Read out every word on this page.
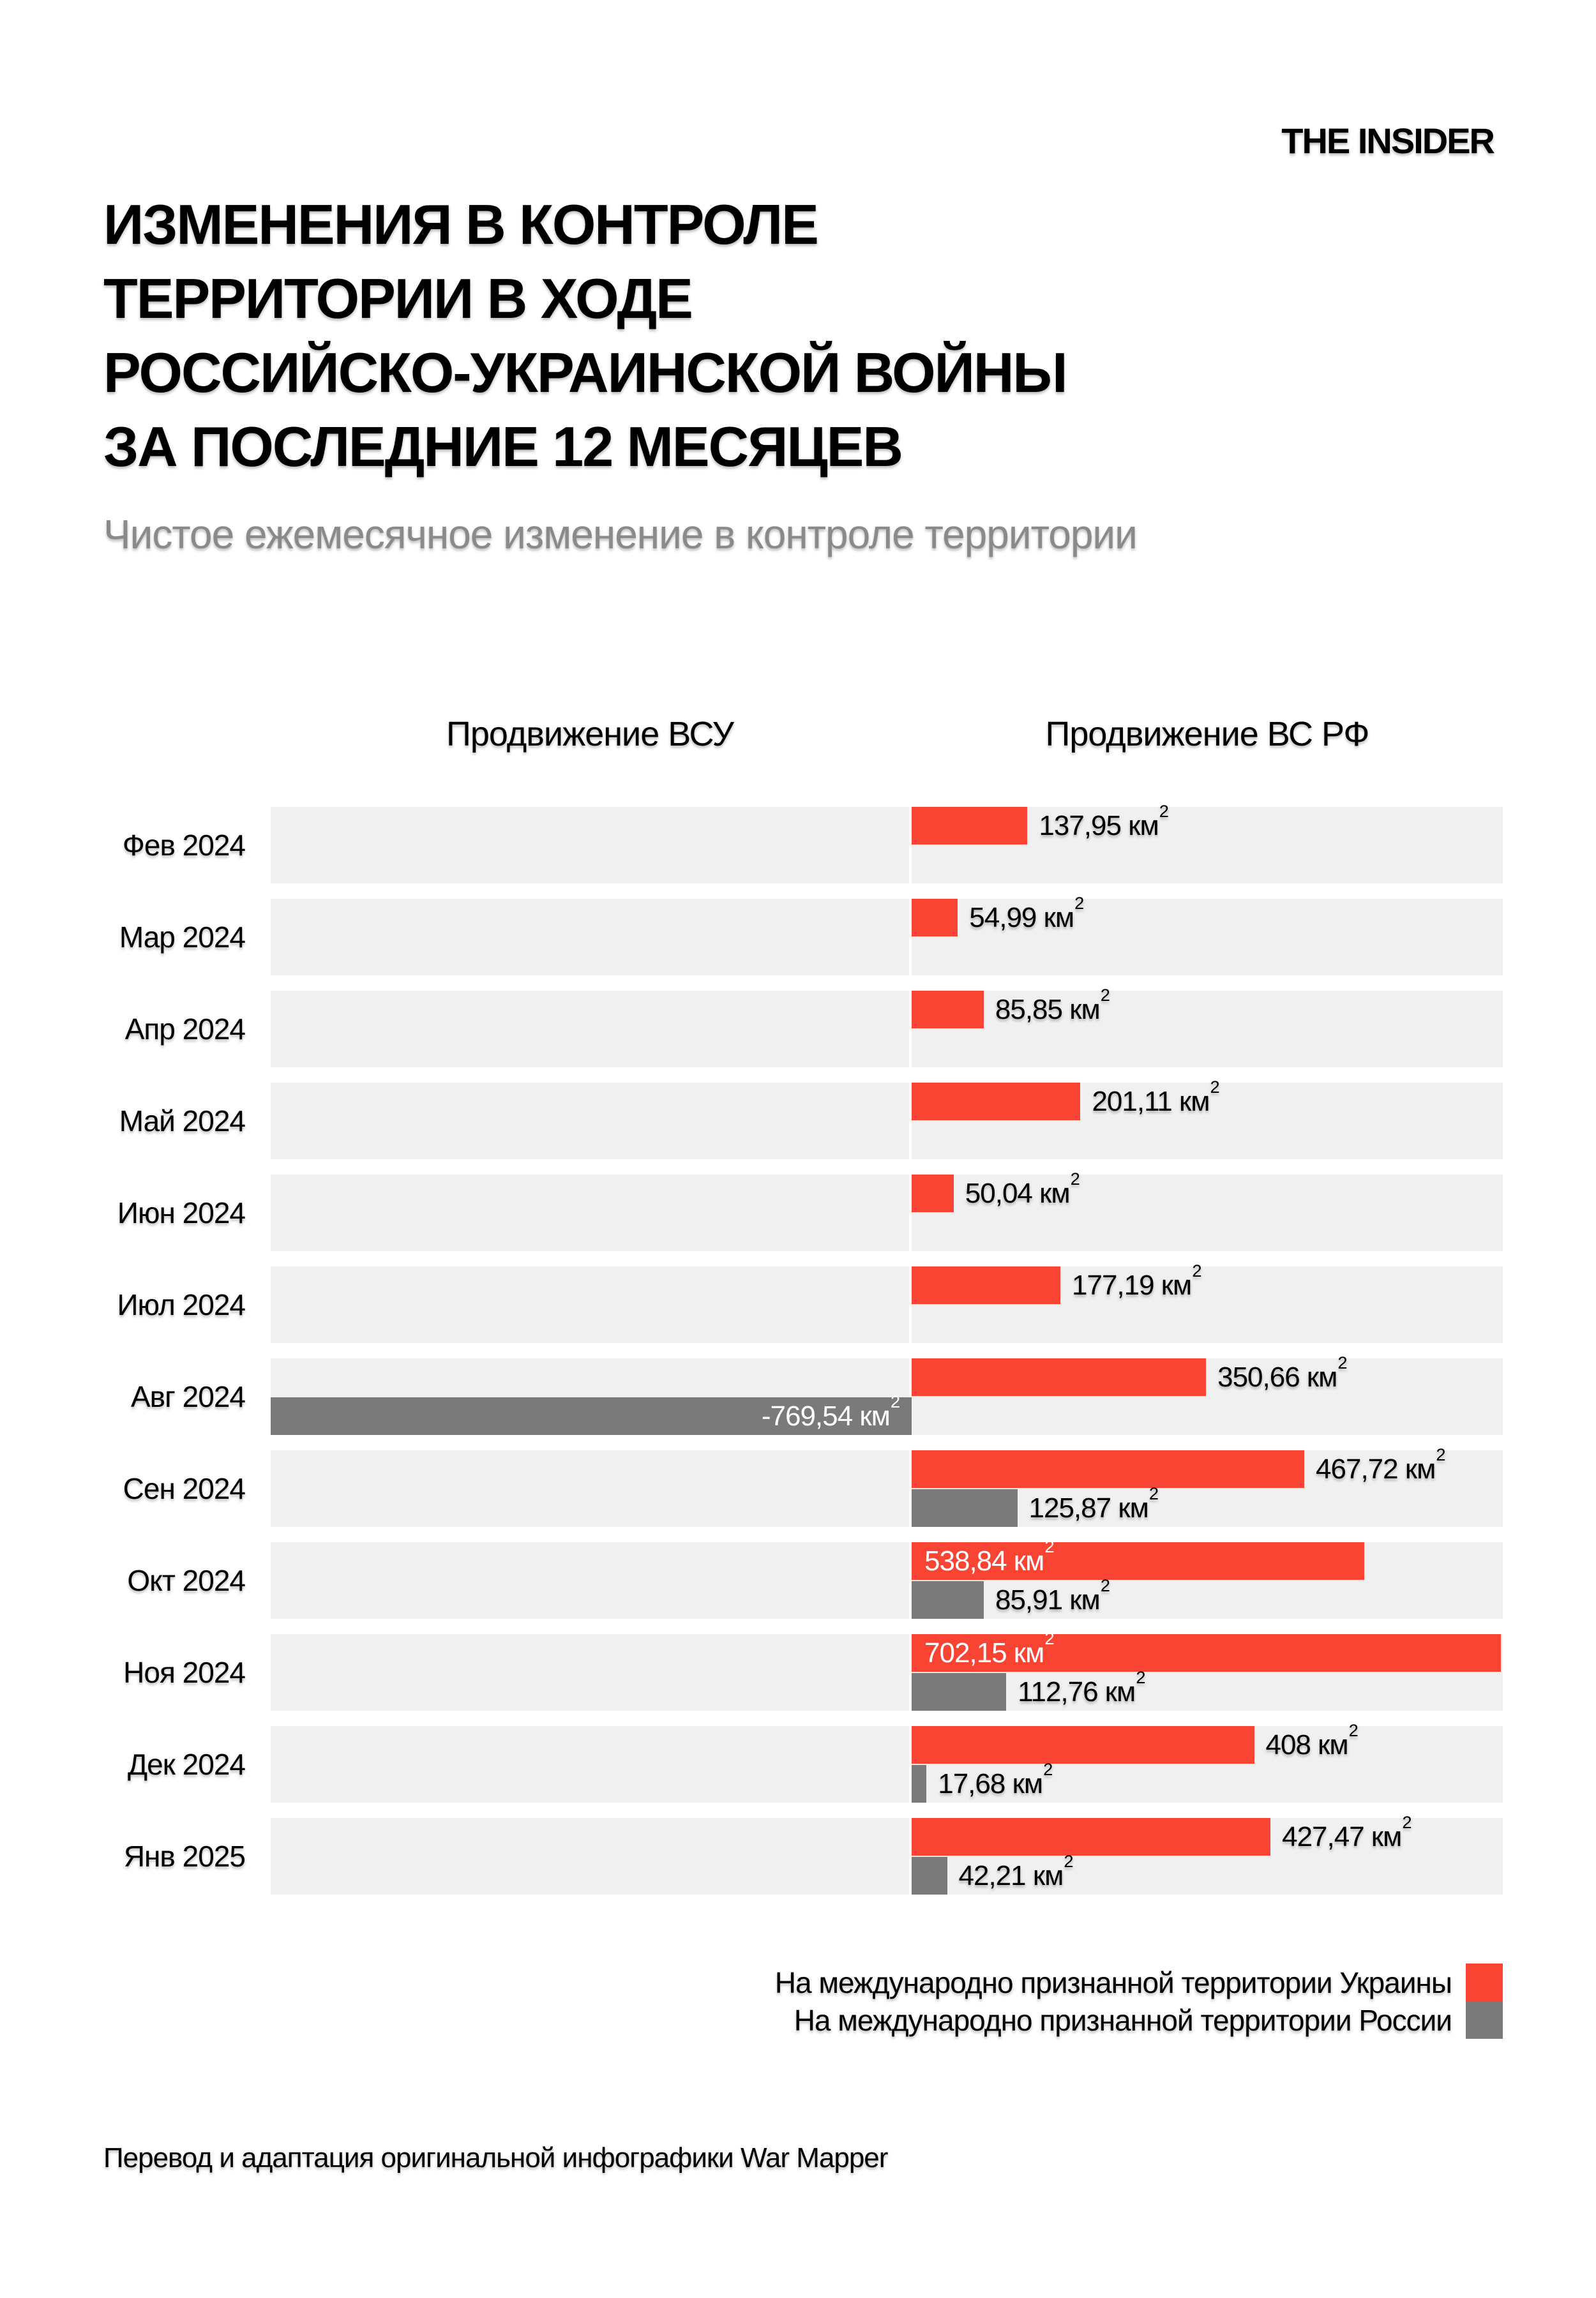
THE INSIDER
ИЗМЕНЕНИЯ В КОНТРОЛЕ
ТЕРРИТОРИИ В ХОДЕ
РОССИЙСКО-УКРАИНСКОЙ ВОЙНЫ
ЗА ПОСЛЕДНИЕ 12 МЕСЯЦЕВ
Чистое ежемесячное изменение в контроле территории
Продвижение ВСУ	Продвижение ВС РФ
Фев 2024
137,95 $км^2$
Мар 2024
54,99 $км^2$
Апр 2024
85,85 $км^2$
Май 2024
201,11 $км^2$
Июн 2024
50,04 $км^2$
Июл 2024
177,19 $км^2$
Авг 2024
350,66 $км^2$
-769,54 $км^2$
Сен 2024
467,72 $км^2$
125,87 $км^2$
Окт 2024
538,84 $км^2$
85,91 $км^2$
Ноя 2024
702,15 $км^2$
112,76 $км^2$
Дек 2024
408 $км^2$
17,68 $км^2$
Янв 2025
427,47 $км^2$
42,21 $км^2$
На международно признанной территории Украины
На международно признанной территории России
Перевод и адаптация оригинальной инфографики War Mapper
